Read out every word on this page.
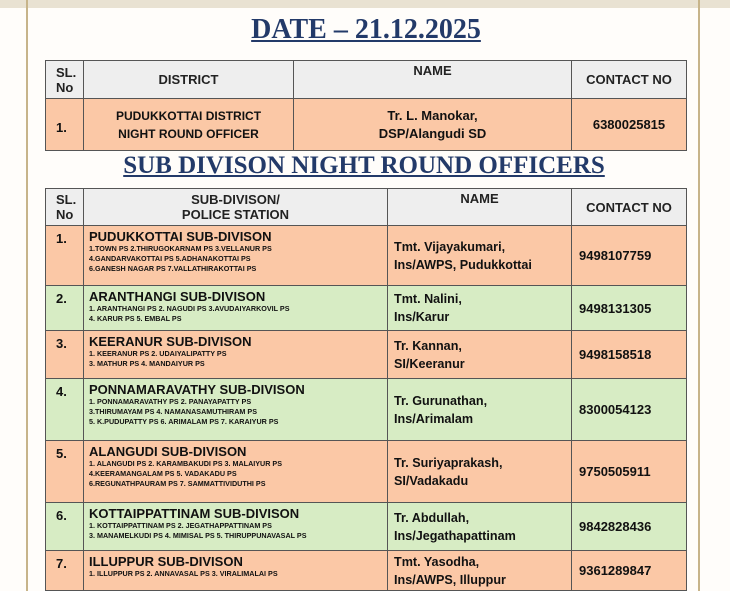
DATE – 21.12.2025
SL.
No	DISTRICT	NAME	CONTACT NO
1.	PUDUKKOTTAI DISTRICT
NIGHT ROUND OFFICER	Tr. L. Manokar,
DSP/Alangudi SD	6380025815
SUB DIVISON NIGHT ROUND OFFICERS
SL.
No	SUB-DIVISON/
POLICE STATION	NAME	CONTACT NO
1.	PUDUKKOTTAI SUB-DIVISON
1.TOWN PS 2.THIRUGOKARNAM PS 3.VELLANUR PS
4.GANDARVAKOTTAI PS 5.ADHANAKOTTAI PS
6.GANESH NAGAR PS 7.VALLATHIRAKOTTAI PS	Tmt. Vijayakumari,
Ins/AWPS, Pudukkottai	9498107759
2.	ARANTHANGI SUB-DIVISON
1. ARANTHANGI PS 2. NAGUDI PS 3.AVUDAIYARKOVIL PS
4. KARUR PS 5. EMBAL PS	Tmt. Nalini,
Ins/Karur	9498131305
3.	KEERANUR SUB-DIVISON
1. KEERANUR PS 2. UDAIYALIPATTY PS
3. MATHUR PS 4. MANDAIYUR PS	Tr. Kannan,
SI/Keeranur	9498158518
4.	PONNAMARAVATHY SUB-DIVISON
1. PONNAMARAVATHY PS 2. PANAYAPATTY PS
3.THIRUMAYAM PS 4. NAMANASAMUTHIRAM PS
5. K.PUDUPATTY PS 6. ARIMALAM PS 7. KARAIYUR PS	Tr. Gurunathan,
Ins/Arimalam	8300054123
5.	ALANGUDI SUB-DIVISON
1. ALANGUDI PS 2. KARAMBAKUDI PS 3. MALAIYUR PS
4.KEERAMANGALAM PS 5. VADAKADU PS
6.REGUNATHPAURAM PS 7. SAMMATTIVIDUTHI PS	Tr. Suriyaprakash,
SI/Vadakadu	9750505911
6.	KOTTAIPPATTINAM SUB-DIVISON
1. KOTTAIPPATTINAM PS 2. JEGATHAPPATTINAM PS
3. MANAMELKUDI PS 4. MIMISAL PS 5. THIRUPPUNAVASAL PS	Tr. Abdullah,
Ins/Jegathapattinam	9842828436
7.	ILLUPPUR SUB-DIVISON
1. ILLUPPUR PS 2. ANNAVASAL PS 3. VIRALIMALAI PS	Tmt. Yasodha,
Ins/AWPS, Illuppur	9361289847
